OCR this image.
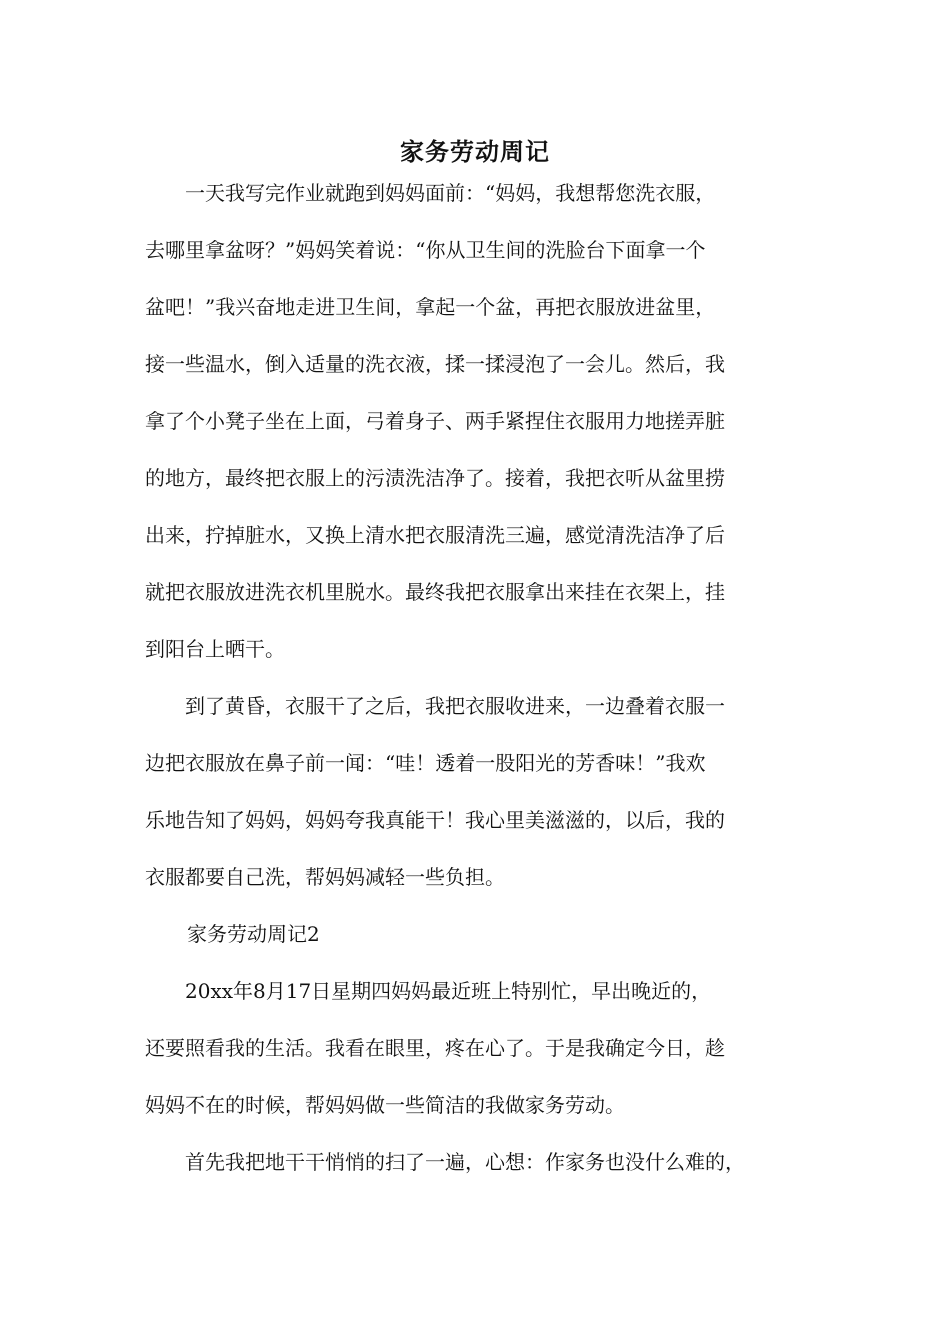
家务劳动周记
　　一天我写完作业就跑到妈妈面前：“妈妈，我想帮您洗衣服，
去哪里拿盆呀？”妈妈笑着说：“你从卫生间的洗脸台下面拿一个
盆吧！”我兴奋地走进卫生间，拿起一个盆，再把衣服放进盆里，
接一些温水，倒入适量的洗衣液，揉一揉浸泡了一会儿。然后，我
拿了个小凳子坐在上面，弓着身子、两手紧捏住衣服用力地搓弄脏
的地方，最终把衣服上的污渍洗洁净了。接着，我把衣听从盆里捞
出来，拧掉脏水，又换上清水把衣服清洗三遍，感觉清洗洁净了后
就把衣服放进洗衣机里脱水。最终我把衣服拿出来挂在衣架上，挂
到阳台上晒干。
　　到了黄昏，衣服干了之后，我把衣服收进来，一边叠着衣服一
边把衣服放在鼻子前一闻：“哇！透着一股阳光的芳香味！”我欢
乐地告知了妈妈，妈妈夸我真能干！我心里美滋滋的，以后，我的
衣服都要自己洗，帮妈妈减轻一些负担。
　　家务劳动周记2
　　20xx年8月17日星期四妈妈最近班上特别忙，早出晚近的，
还要照看我的生活。我看在眼里，疼在心了。于是我确定今日，趁
妈妈不在的时候，帮妈妈做一些简洁的我做家务劳动。
　　首先我把地干干悄悄的扫了一遍，心想：作家务也没什么难的，
